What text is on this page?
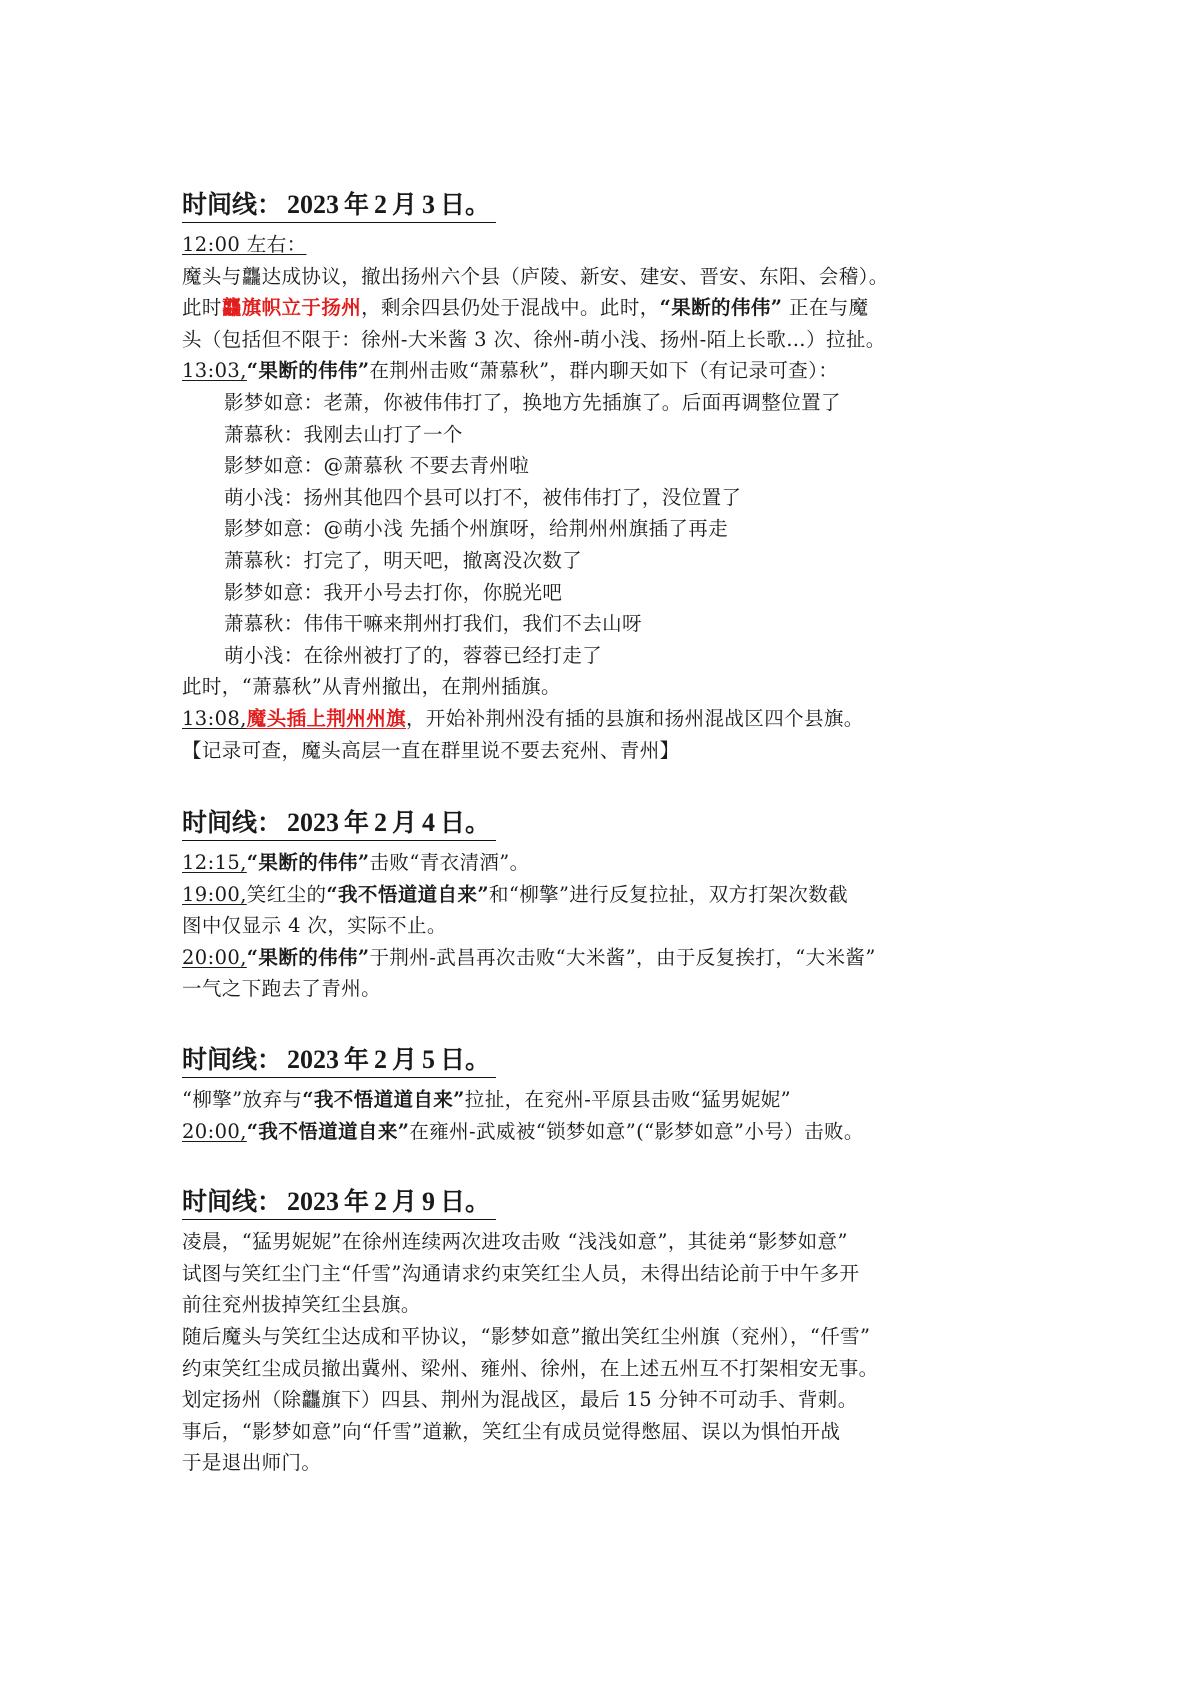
时间线： 2023 年 2 月 3 日。
12:00 左右：
魔头与龘达成协议，撤出扬州六个县（庐陵、新安、建安、晋安、东阳、会稽）。
此时龘旗帜立于扬州，剩余四县仍处于混战中。此时，“果断的伟伟” 正在与魔
头（包括但不限于：徐州-大米酱 3 次、徐州-萌小浅、扬州-陌上长歌…）拉扯。
13:03,“果断的伟伟”在荆州击败“萧慕秋”，群内聊天如下（有记录可查）：
影梦如意：老萧，你被伟伟打了，换地方先插旗了。后面再调整位置了
萧慕秋：我刚去山打了一个
影梦如意：@萧慕秋 不要去青州啦
萌小浅：扬州其他四个县可以打不，被伟伟打了，没位置了
影梦如意：@萌小浅 先插个州旗呀，给荆州州旗插了再走
萧慕秋：打完了，明天吧，撤离没次数了
影梦如意：我开小号去打你，你脱光吧
萧慕秋：伟伟干嘛来荆州打我们，我们不去山呀
萌小浅：在徐州被打了的，蓉蓉已经打走了
此时，“萧慕秋”从青州撤出，在荆州插旗。
13:08,魔头插上荆州州旗，开始补荆州没有插的县旗和扬州混战区四个县旗。
【记录可查，魔头高层一直在群里说不要去兖州、青州】
时间线： 2023 年 2 月 4 日。
12:15,“果断的伟伟”击败“青衣清酒”。
19:00,笑红尘的“我不悟道道自来”和“柳擎”进行反复拉扯，双方打架次数截
图中仅显示 4 次，实际不止。
20:00,“果断的伟伟”于荆州-武昌再次击败“大米酱”，由于反复挨打，“大米酱”
一气之下跑去了青州。
时间线： 2023 年 2 月 5 日。
“柳擎”放弃与“我不悟道道自来”拉扯，在兖州-平原县击败“猛男妮妮”
20:00,“我不悟道道自来”在雍州-武威被“锁梦如意”(“影梦如意”小号）击败。
时间线： 2023 年 2 月 9 日。
凌晨，“猛男妮妮”在徐州连续两次进攻击败 “浅浅如意”，其徒弟“影梦如意”
试图与笑红尘门主“仟雪”沟通请求约束笑红尘人员，未得出结论前于中午多开
前往兖州拔掉笑红尘县旗。
随后魔头与笑红尘达成和平协议，“影梦如意”撤出笑红尘州旗（兖州），“仟雪”
约束笑红尘成员撤出冀州、梁州、雍州、徐州，在上述五州互不打架相安无事。
划定扬州（除龘旗下）四县、荆州为混战区，最后 15 分钟不可动手、背刺。
事后，“影梦如意”向“仟雪”道歉，笑红尘有成员觉得憋屈、误以为惧怕开战
于是退出师门。
